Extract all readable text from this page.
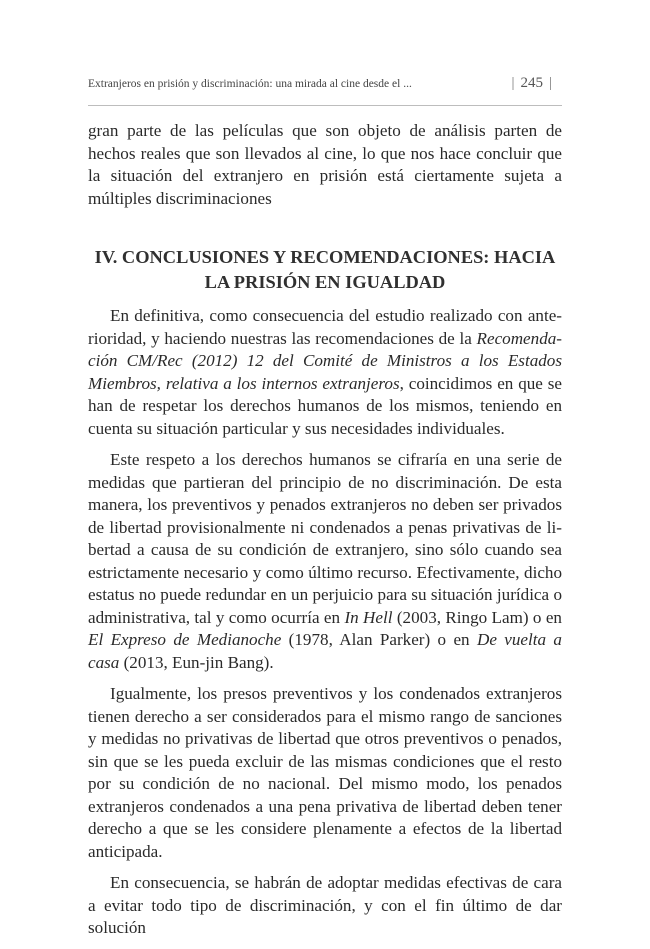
Extranjeros en prisión y discriminación: una mirada al cine desde el ...	| 245 |

gran parte de las películas que son objeto de análisis parten de hechos reales que son llevados al cine, lo que nos hace concluir que la situación del extranjero en prisión está ciertamente sujeta a múltiples discriminaciones

IV. CONCLUSIONES Y RECOMENDACIONES: HACIA LA PRISIÓN EN IGUALDAD

En definitiva, como consecuencia del estudio realizado con anterioridad, y haciendo nuestras las recomendaciones de la Recomendación CM/Rec (2012) 12 del Comité de Ministros a los Estados Miembros, relativa a los internos extranjeros, coincidimos en que se han de respetar los derechos humanos de los mismos, teniendo en cuenta su situación particular y sus necesidades individuales.

Este respeto a los derechos humanos se cifraría en una serie de medidas que partieran del principio de no discriminación. De esta manera, los preventivos y penados extranjeros no deben ser privados de libertad provisionalmente ni condenados a penas privativas de libertad a causa de su condición de extranjero, sino sólo cuando sea estrictamente necesario y como último recurso. Efectivamente, dicho estatus no puede redundar en un perjuicio para su situación jurídica o administrativa, tal y como ocurría en In Hell (2003, Ringo Lam) o en El Expreso de Medianoche (1978, Alan Parker) o en De vuelta a casa (2013, Eun-jin Bang).

Igualmente, los presos preventivos y los condenados extranjeros tienen derecho a ser considerados para el mismo rango de sanciones y medidas no privativas de libertad que otros preventivos o penados, sin que se les pueda excluir de las mismas condiciones que el resto por su condición de no nacional. Del mismo modo, los penados extranjeros condenados a una pena privativa de libertad deben tener derecho a que se les considere plenamente a efectos de la libertad anticipada.

En consecuencia, se habrán de adoptar medidas efectivas de cara a evitar todo tipo de discriminación, y con el fin último de dar solución
